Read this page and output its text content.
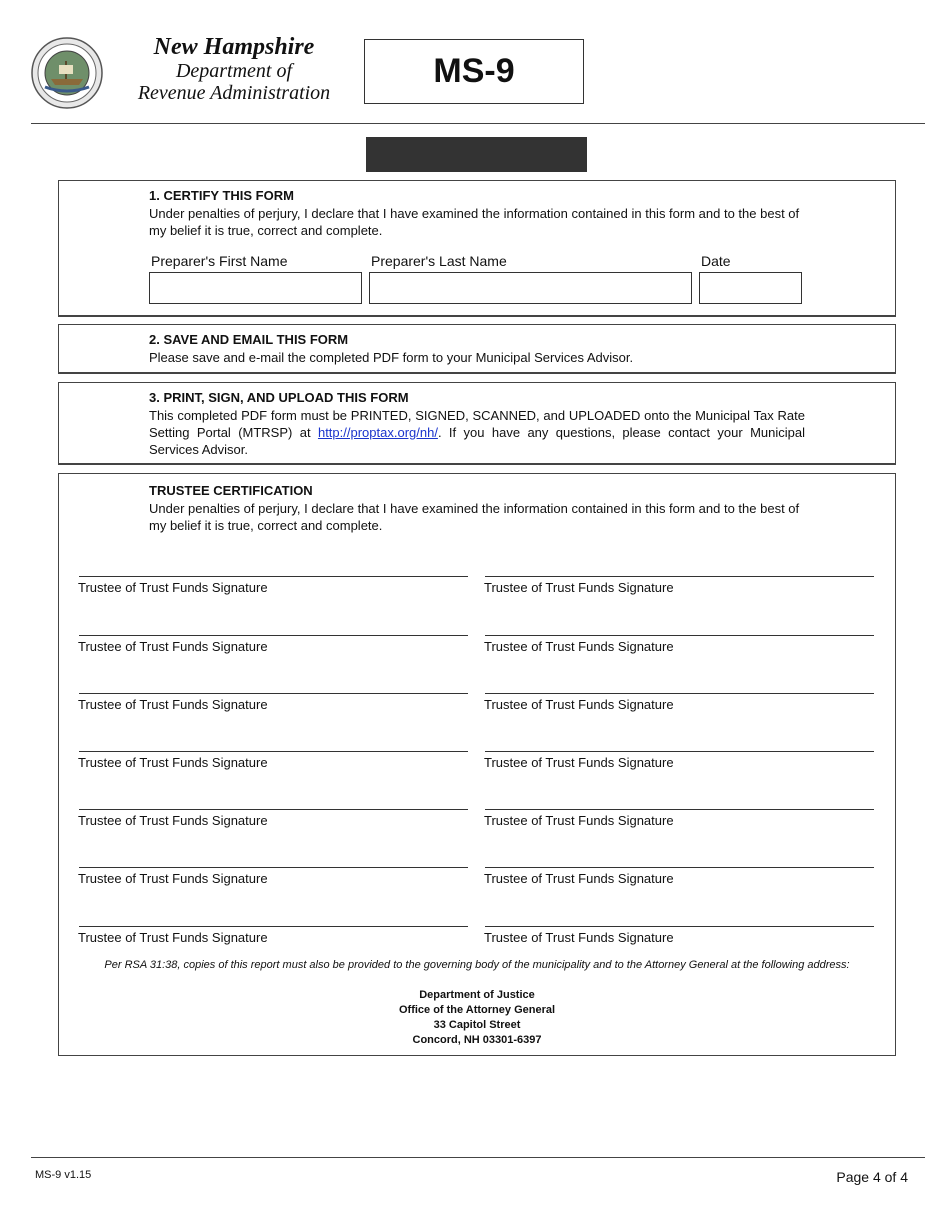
New Hampshire
Department of
Revenue Administration
MS-9
1. CERTIFY THIS FORM
Under penalties of perjury, I declare that I have examined the information contained in this form and to the best of my belief it is true, correct and complete.
Preparer's First Name	Preparer's Last Name	Date
2. SAVE AND EMAIL THIS FORM
Please save and e-mail the completed PDF form to your Municipal Services Advisor.
3. PRINT, SIGN, AND UPLOAD THIS FORM
This completed PDF form must be PRINTED, SIGNED, SCANNED, and UPLOADED onto the Municipal Tax Rate Setting Portal (MTRSP) at http://proptax.org/nh/. If you have any questions, please contact your Municipal Services Advisor.
TRUSTEE CERTIFICATION
Under penalties of perjury, I declare that I have examined the information contained in this form and to the best of my belief it is true, correct and complete.
Trustee of Trust Funds Signature	Trustee of Trust Funds Signature
Trustee of Trust Funds Signature	Trustee of Trust Funds Signature
Trustee of Trust Funds Signature	Trustee of Trust Funds Signature
Trustee of Trust Funds Signature	Trustee of Trust Funds Signature
Trustee of Trust Funds Signature	Trustee of Trust Funds Signature
Trustee of Trust Funds Signature	Trustee of Trust Funds Signature
Trustee of Trust Funds Signature	Trustee of Trust Funds Signature
Per RSA 31:38, copies of this report must also be provided to the governing body of the municipality and to the Attorney General at the following address:
Department of Justice
Office of the Attorney General
33 Capitol Street
Concord, NH 03301-6397
MS-9 v1.15	Page 4 of 4
